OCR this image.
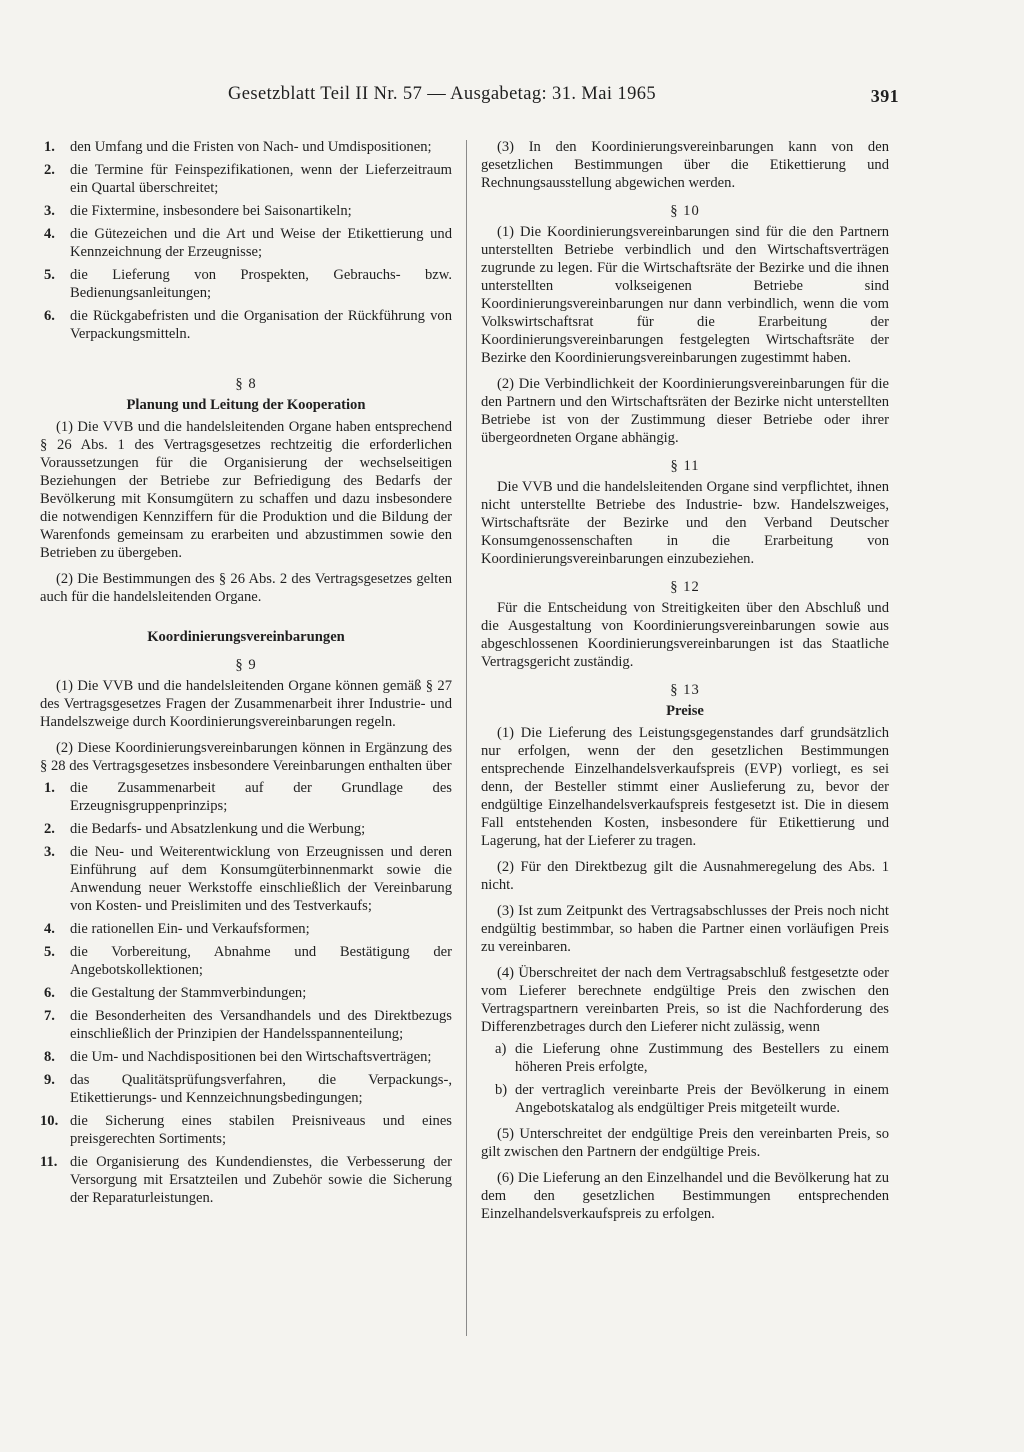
Gesetzblatt Teil II Nr. 57 — Ausgabetag: 31. Mai 1965	391
1. den Umfang und die Fristen von Nach- und Umdispositionen;
2. die Termine für Feinspezifikationen, wenn der Lieferzeitraum ein Quartal überschreitet;
3. die Fixtermine, insbesondere bei Saisonartikeln;
4. die Gütezeichen und die Art und Weise der Etikettierung und Kennzeichnung der Erzeugnisse;
5. die Lieferung von Prospekten, Gebrauchs- bzw. Bedienungsanleitungen;
6. die Rückgabefristen und die Organisation der Rückführung von Verpackungsmitteln.
§ 8
Planung und Leitung der Kooperation

(1) Die VVB und die handelsleitenden Organe haben entsprechend § 26 Abs. 1 des Vertragsgesetzes rechtzeitig die erforderlichen Voraussetzungen für die Organisierung der wechselseitigen Beziehungen der Betriebe zur Befriedigung des Bedarfs der Bevölkerung mit Konsumgütern zu schaffen und dazu insbesondere die notwendigen Kennziffern für die Produktion und die Bildung der Warenfonds gemeinsam zu erarbeiten und abzustimmen sowie den Betrieben zu übergeben.

(2) Die Bestimmungen des § 26 Abs. 2 des Vertragsgesetzes gelten auch für die handelsleitenden Organe.

Koordinierungsvereinbarungen
§ 9

(1) Die VVB und die handelsleitenden Organe können gemäß § 27 des Vertragsgesetzes Fragen der Zusammenarbeit ihrer Industrie- und Handelszweige durch Koordinierungsvereinbarungen regeln.

(2) Diese Koordinierungsvereinbarungen können in Ergänzung des § 28 des Vertragsgesetzes insbesondere Vereinbarungen enthalten über

1. die Zusammenarbeit auf der Grundlage des Erzeugnisgruppenprinzips;
2. die Bedarfs- und Absatzlenkung und die Werbung;
3. die Neu- und Weiterentwicklung von Erzeugnissen und deren Einführung auf dem Konsumgüterbinnenmarkt sowie die Anwendung neuer Werkstoffe einschließlich der Vereinbarung von Kosten- und Preislimiten und des Testverkaufs;
4. die rationellen Ein- und Verkaufsformen;
5. die Vorbereitung, Abnahme und Bestätigung der Angebotskollektionen;
6. die Gestaltung der Stammverbindungen;
7. die Besonderheiten des Versandhandels und des Direktbezugs einschließlich der Prinzipien der Handelsspannenteilung;
8. die Um- und Nachdispositionen bei den Wirtschaftsverträgen;
9. das Qualitätsprüfungsverfahren, die Verpackungs-, Etikettierungs- und Kennzeichnungsbedingungen;
10. die Sicherung eines stabilen Preisniveaus und eines preisgerechten Sortiments;
11. die Organisierung des Kundendienstes, die Verbesserung der Versorgung mit Ersatzteilen und Zubehör sowie die Sicherung der Reparaturleistungen.

(3) In den Koordinierungsvereinbarungen kann von den gesetzlichen Bestimmungen über die Etikettierung und Rechnungsausstellung abgewichen werden.

§ 10

(1) Die Koordinierungsvereinbarungen sind für die den Partnern unterstellten Betriebe verbindlich und den Wirtschaftsverträgen zugrunde zu legen. Für die Wirtschaftsräte der Bezirke und die ihnen unterstellten volkseigenen Betriebe sind Koordinierungsvereinbarungen nur dann verbindlich, wenn die vom Volkswirtschaftsrat für die Erarbeitung der Koordinierungsvereinbarungen festgelegten Wirtschaftsräte der Bezirke den Koordinierungsvereinbarungen zugestimmt haben.

(2) Die Verbindlichkeit der Koordinierungsvereinbarungen für die den Partnern und den Wirtschaftsräten der Bezirke nicht unterstellten Betriebe ist von der Zustimmung dieser Betriebe oder ihrer übergeordneten Organe abhängig.

§ 11

Die VVB und die handelsleitenden Organe sind verpflichtet, ihnen nicht unterstellte Betriebe des Industrie- bzw. Handelszweiges, Wirtschaftsräte der Bezirke und den Verband Deutscher Konsumgenossenschaften in die Erarbeitung von Koordinierungsvereinbarungen einzubeziehen.

§ 12

Für die Entscheidung von Streitigkeiten über den Abschluß und die Ausgestaltung von Koordinierungsvereinbarungen sowie aus abgeschlossenen Koordinierungsvereinbarungen ist das Staatliche Vertragsgericht zuständig.

§ 13
Preise

(1) Die Lieferung des Leistungsgegenstandes darf grundsätzlich nur erfolgen, wenn der den gesetzlichen Bestimmungen entsprechende Einzelhandelsverkaufspreis (EVP) vorliegt, es sei denn, der Besteller stimmt einer Auslieferung zu, bevor der endgültige Einzelhandelsverkaufspreis festgesetzt ist. Die in diesem Fall entstehenden Kosten, insbesondere für Etikettierung und Lagerung, hat der Lieferer zu tragen.

(2) Für den Direktbezug gilt die Ausnahmeregelung des Abs. 1 nicht.

(3) Ist zum Zeitpunkt des Vertragsabschlusses der Preis noch nicht endgültig bestimmbar, so haben die Partner einen vorläufigen Preis zu vereinbaren.

(4) Überschreitet der nach dem Vertragsabschluß festgesetzte oder vom Lieferer berechnete endgültige Preis den zwischen den Vertragspartnern vereinbarten Preis, so ist die Nachforderung des Differenzbetrages durch den Lieferer nicht zulässig, wenn

a) die Lieferung ohne Zustimmung des Bestellers zu einem höheren Preis erfolgte,
b) der vertraglich vereinbarte Preis der Bevölkerung in einem Angebotskatalog als endgültiger Preis mitgeteilt wurde.

(5) Unterschreitet der endgültige Preis den vereinbarten Preis, so gilt zwischen den Partnern der endgültige Preis.

(6) Die Lieferung an den Einzelhandel und die Bevölkerung hat zu dem den gesetzlichen Bestimmungen entsprechenden Einzelhandelsverkaufspreis zu erfolgen.
